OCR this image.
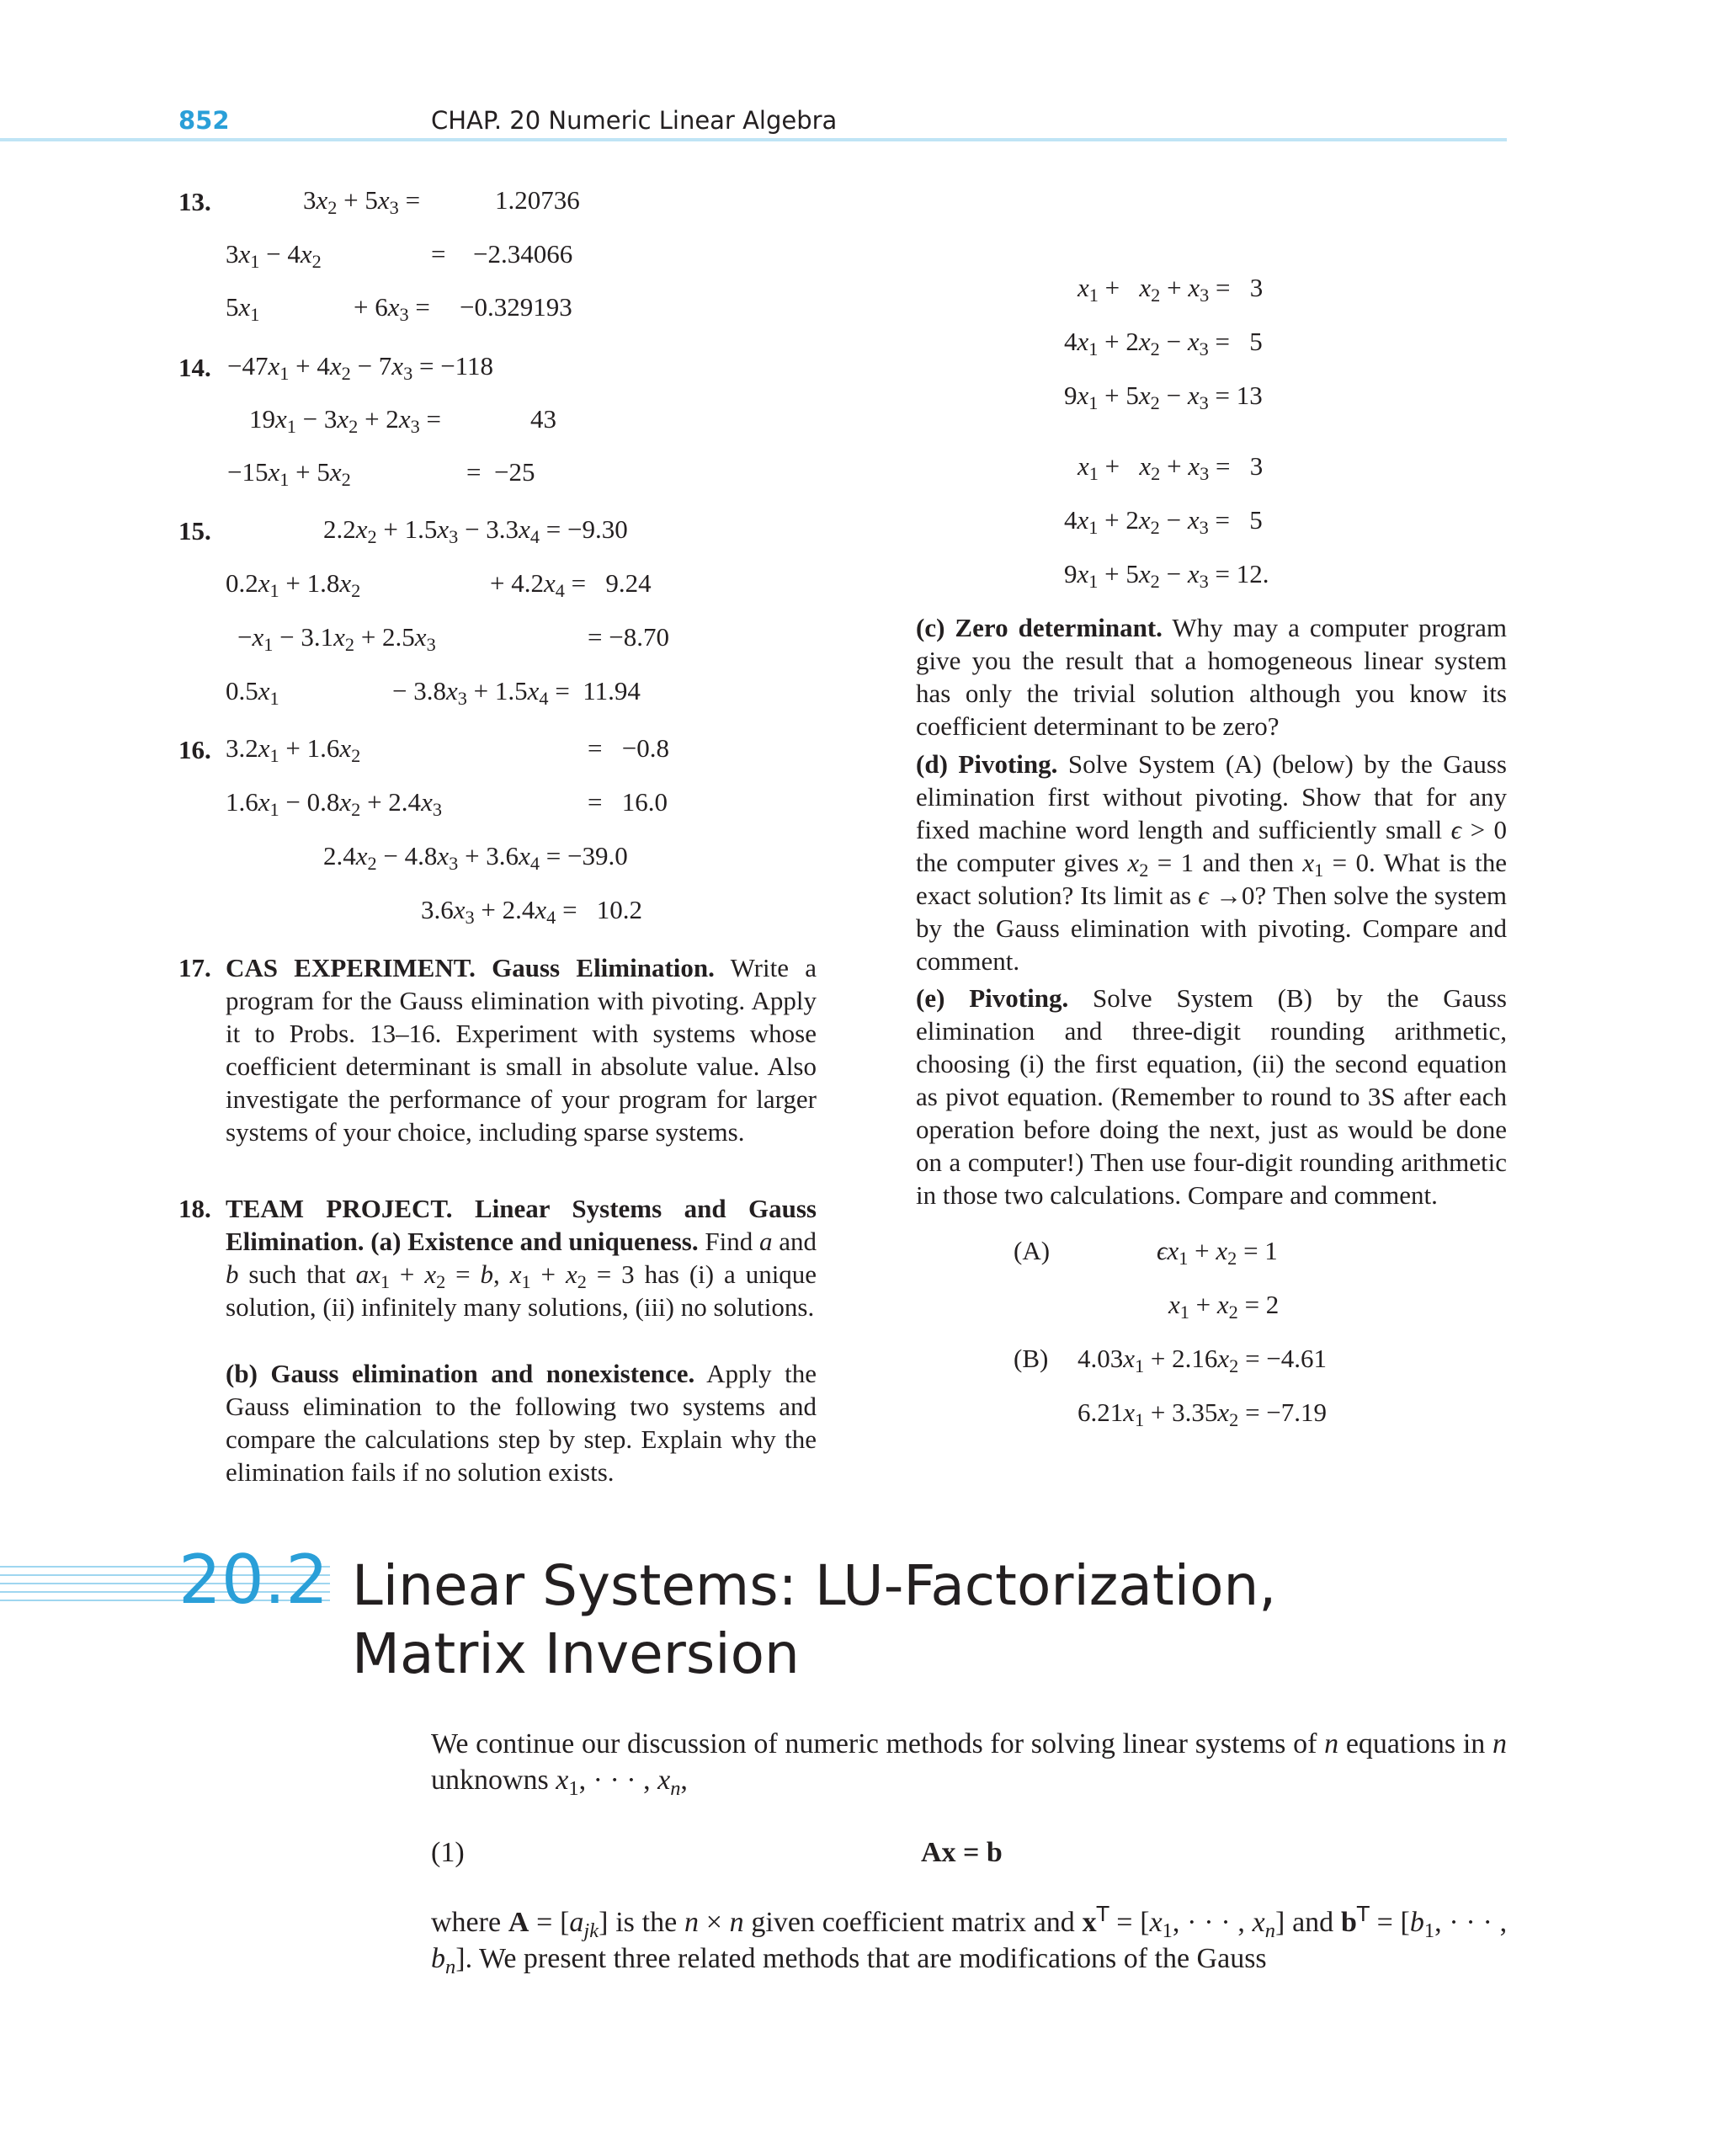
852	CHAP. 20 Numeric Linear Algebra
13.	$3x_2 + 5x_3$ =	1.20736
$3x_1 - 4x_2$	= −2.34066
$5x_1$	+ $6x_3 = -0.329193$
14. $-47x_1 + 4x_2 - 7x_3 = -118$
$19x_1 - 3x_2 + 2x_3$ =	43
$-15x_1 + 5x_2$	=  −25
15.	$2.2x_2 + 1.5x_3 - 3.3x_4 = -9.30$
$0.2x_1 + 1.8x_2$	+ $4.2x_4 = 9.24$
$-x_1 - 3.1x_2 + 2.5x_3$	= −8.70
$0.5x_1$	− $3.8x_3 + 1.5x_4 = 11.94$
16. $3.2x_1 + 1.6x_2$	=   −0.8
$1.6x_1 - 0.8x_2 + 2.4x_3$	=   16.0
$2.4x_2 - 4.8x_3 + 3.6x_4 = -39.0$
$3.6x_3 + 2.4x_4 = 10.2$
17. CAS EXPERIMENT. Gauss Elimination. Write a program for the Gauss elimination with pivoting. Apply it to Probs. 13–16. Experiment with systems whose coefficient determinant is small in absolute value. Also investigate the performance of your program for larger systems of your choice, including sparse systems.
18. TEAM PROJECT. Linear Systems and Gauss Elimination. (a) Existence and uniqueness. Find a and b such that $ax_1 + x_2 = b$, $x_1 + x_2 = 3$ has (i) a unique solution, (ii) infinitely many solutions, (iii) no solutions.
(b) Gauss elimination and nonexistence. Apply the Gauss elimination to the following two systems and compare the calculations step by step. Explain why the elimination fails if no solution exists.
$x_1 + x_2 + x_3 = 3$
$4x_1 + 2x_2 - x_3 = 5$
$9x_1 + 5x_2 - x_3 = 13$
$x_1 + x_2 + x_3 = 3$
$4x_1 + 2x_2 - x_3 = 5$
$9x_1 + 5x_2 - x_3 = 12$.
(c) Zero determinant. Why may a computer program give you the result that a homogeneous linear system has only the trivial solution although you know its coefficient determinant to be zero?
(d) Pivoting. Solve System (A) (below) by the Gauss elimination first without pivoting. Show that for any fixed machine word length and sufficiently small ϵ > 0 the computer gives $x_2 = 1$ and then $x_1 = 0$. What is the exact solution? Its limit as ϵ →0? Then solve the system by the Gauss elimination with pivoting. Compare and comment.
(e) Pivoting. Solve System (B) by the Gauss elimination and three-digit rounding arithmetic, choosing (i) the first equation, (ii) the second equation as pivot equation. (Remember to round to 3S after each operation before doing the next, just as would be done on a computer!) Then use four-digit rounding arithmetic in those two calculations. Compare and comment.
(A)	$\epsilon x_1 + x_2 = 1$
$x_1 + x_2 = 2$
(B) $4.03x_1 + 2.16x_2 = -4.61$
$6.21x_1 + 3.35x_2 = -7.19$
20.2 Linear Systems: LU-Factorization,
Matrix Inversion
We continue our discussion of numeric methods for solving linear systems of n equations in n unknowns $x_1$, · · · , $x_n$,
(1)	Ax = b
where $A = [a_{jk}]$ is the n × n given coefficient matrix and $x^T = [x_1$, · · · , $x_n$] and $b^T = [b_1$, · · · , $b_n$]. We present three related methods that are modifications of the Gauss
